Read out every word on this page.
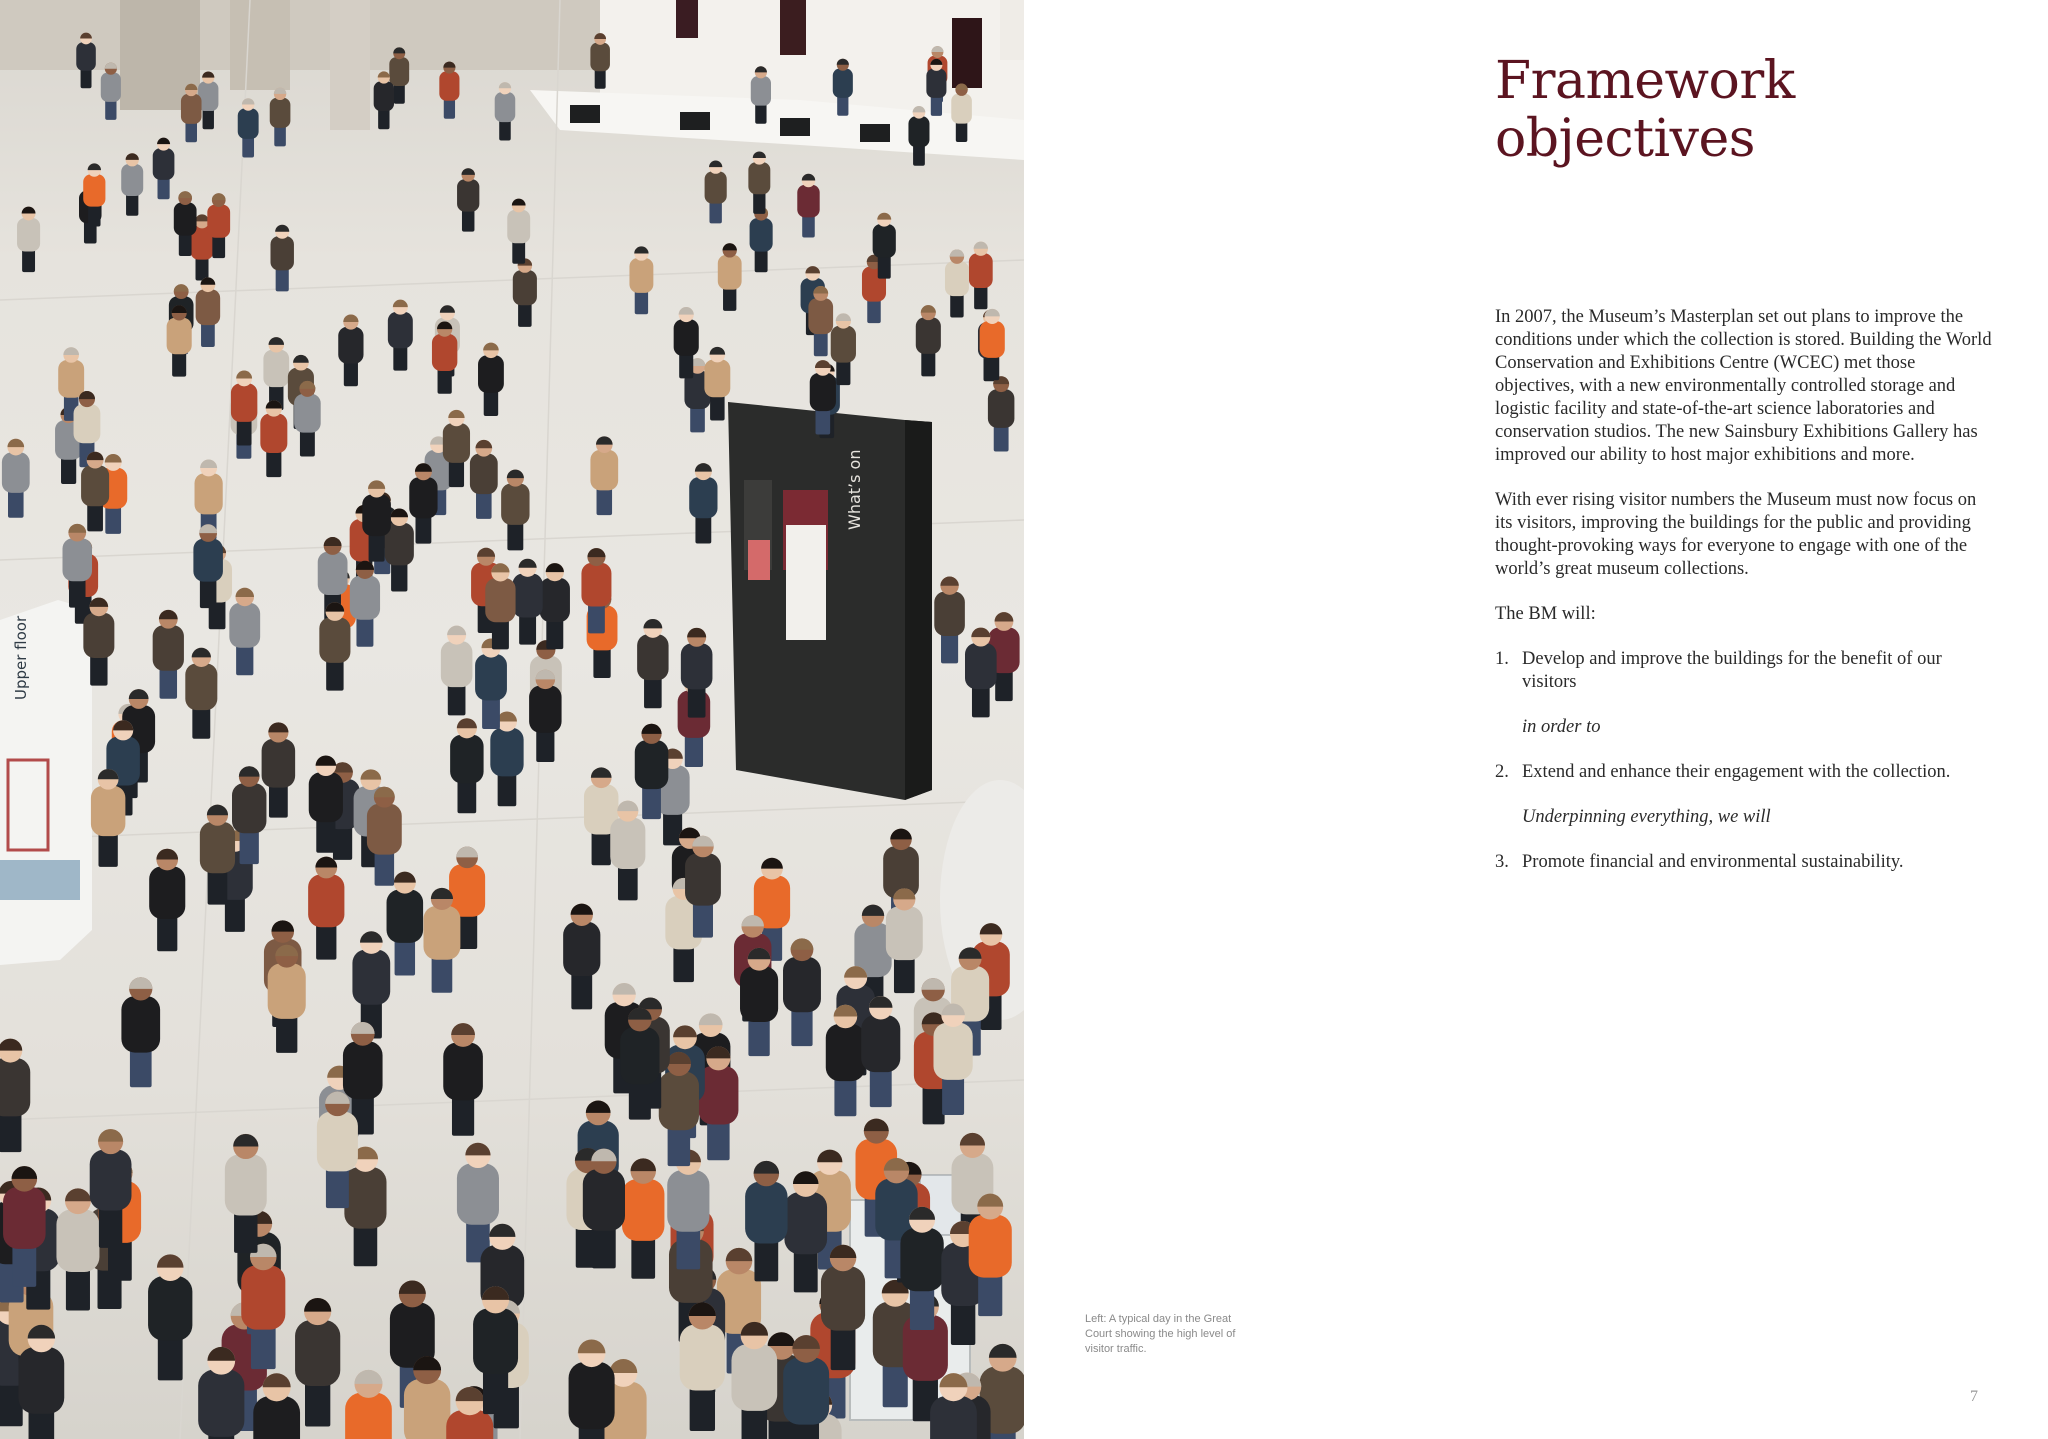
What’s on
Upper floor
Framework
objectives

In 2007, the Museum’s Masterplan set out plans to improve the conditions under which the collection is stored. Building the World Conservation and Exhibitions Centre (WCEC) met those objectives, with a new environmentally controlled storage and logistic facility and state-of-the-art science laboratories and conservation studios. The new Sainsbury Exhibitions Gallery has improved our ability to host major exhibitions and more.

With ever rising visitor numbers the Museum must now focus on its visitors, improving the buildings for the public and providing thought-provoking ways for everyone to engage with one of the world’s great museum collections.

The BM will:

1. Develop and improve the buildings for the benefit of our visitors
in order to
2. Extend and enhance their engagement with the collection.
Underpinning everything, we will
3. Promote financial and environmental sustainability.
Left: A typical day in the Great Court showing the high level of visitor traffic.
7
